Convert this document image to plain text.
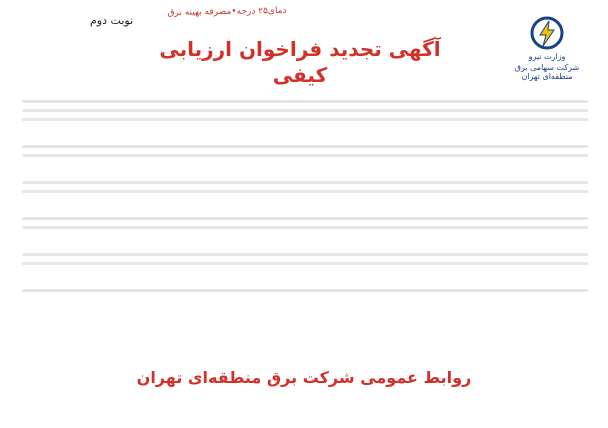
دمای۲۵ درجه•مصرفه بهینه برق
نوبت دوم
آگهی تجدید فراخوان ارزیابی کیفی
وزارت نیرو
شرکت سهامی برق منطقه‌ای تهران
روابط عمومی شرکت برق منطقه‌ای تهران
